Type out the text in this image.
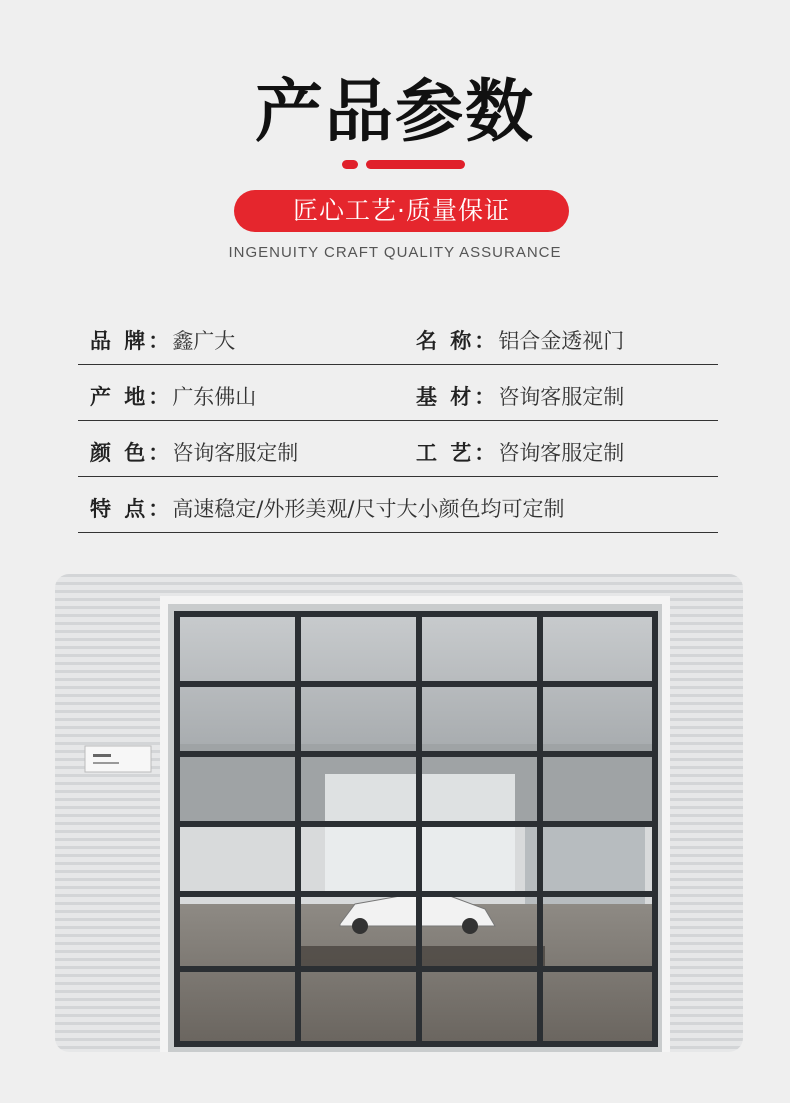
产品参数
匠心工艺·质量保证
INGENUITY CRAFT QUALITY ASSURANCE
品 牌：鑫广大	名 称：铝合金透视门
产 地：广东佛山	基 材：咨询客服定制
颜 色：咨询客服定制	工 艺：咨询客服定制
特 点：高速稳定/外形美观/尺寸大小颜色均可定制
